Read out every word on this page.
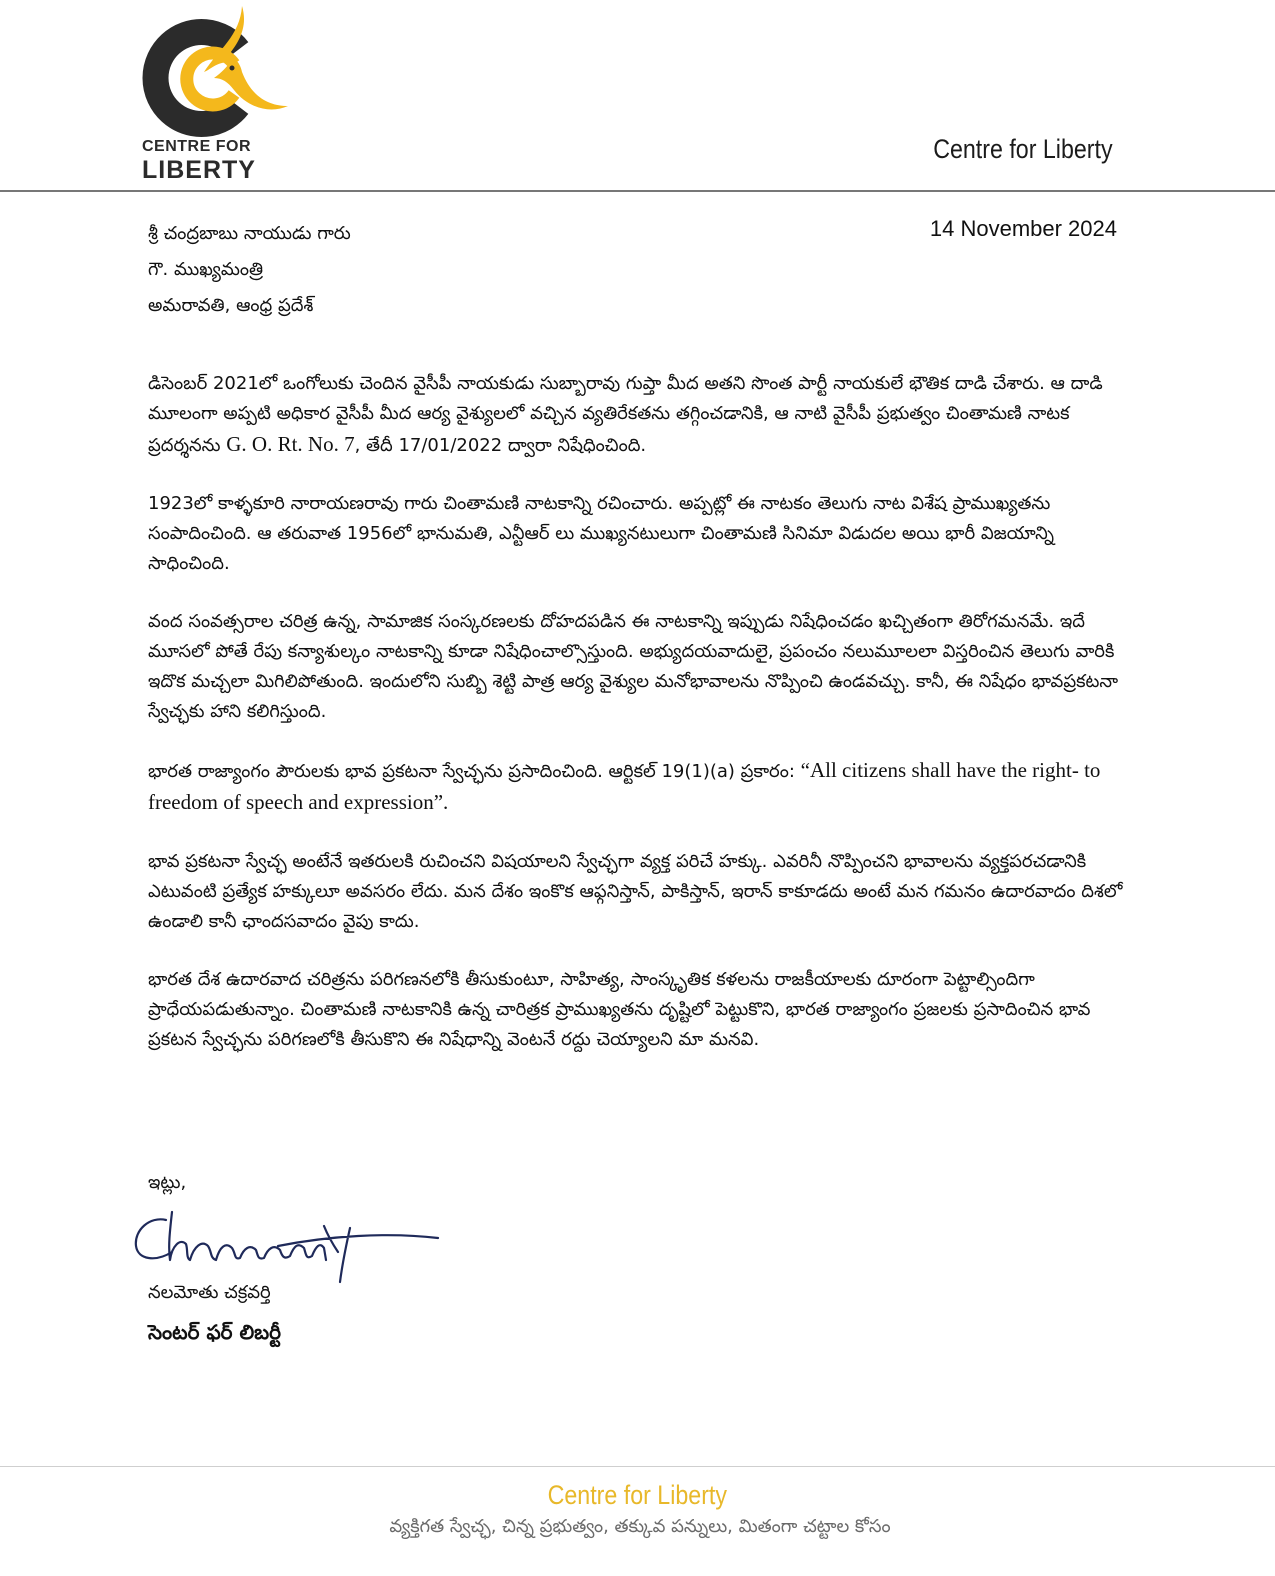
CENTRE FOR
LIBERTY
Centre for Liberty
శ్రీ చంద్రబాబు నాయుడు గారు
గౌ. ముఖ్యమంత్రి
అమరావతి, ఆంధ్ర ప్రదేశ్
14 November 2024

డిసెంబర్ 2021లో ఒంగోలుకు చెందిన వైసీపీ నాయకుడు సుబ్బారావు గుప్తా మీద అతని సొంత పార్టీ నాయకులే భౌతిక దాడి చేశారు. ఆ దాడి మూలంగా అప్పటి అధికార వైసీపీ మీద ఆర్య వైశ్యులలో వచ్చిన వ్యతిరేకతను తగ్గించడానికి, ఆ నాటి వైసీపీ ప్రభుత్వం చింతామణి నాటక ప్రదర్శనను G. O. Rt. No. 7, తేదీ 17/01/2022 ద్వారా నిషేధించింది.

1923లో కాళ్ళకూరి నారాయణరావు గారు చింతామణి నాటకాన్ని రచించారు. అప్పట్లో ఈ నాటకం తెలుగు నాట విశేష ప్రాముఖ్యతను సంపాదించింది. ఆ తరువాత 1956లో భానుమతి, ఎన్టీఆర్ లు ముఖ్యనటులుగా చింతామణి సినిమా విడుదల అయి భారీ విజయాన్ని సాధించింది.

వంద సంవత్సరాల చరిత్ర ఉన్న, సామాజిక సంస్కరణలకు దోహదపడిన ఈ నాటకాన్ని ఇప్పుడు నిషేధించడం ఖచ్చితంగా తిరోగమనమే. ఇదే మూసలో పోతే రేపు కన్యాశుల్కం నాటకాన్ని కూడా నిషేధించాల్సొస్తుంది. అభ్యుదయవాదులై, ప్రపంచం నలుమూలలా విస్తరించిన తెలుగు వారికి ఇదొక మచ్చలా మిగిలిపోతుంది. ఇందులోని సుబ్బి శెట్టి పాత్ర ఆర్య వైశ్యుల మనోభావాలను నొప్పించి ఉండవచ్చు. కానీ, ఈ నిషేధం భావప్రకటనా స్వేచ్ఛకు హాని కలిగిస్తుంది.

భారత రాజ్యాంగం పౌరులకు భావ ప్రకటనా స్వేచ్ఛను ప్రసాదించింది. ఆర్టికల్ 19(1)(a) ప్రకారం: “All citizens shall have the right- to freedom of speech and expression”.

భావ ప్రకటనా స్వేచ్ఛ అంటేనే ఇతరులకి రుచించని విషయాలని స్వేచ్ఛగా వ్యక్త పరిచే హక్కు. ఎవరినీ నొప్పించని భావాలను వ్యక్తపరచడానికి ఎటువంటి ప్రత్యేక హక్కులూ అవసరం లేదు. మన దేశం ఇంకొక ఆఫ్గనిస్తాన్, పాకిస్తాన్, ఇరాన్ కాకూడదు అంటే మన గమనం ఉదారవాదం దిశలో ఉండాలి కానీ ఛాందసవాదం వైపు కాదు.

భారత దేశ ఉదారవాద చరిత్రను పరిగణనలోకి తీసుకుంటూ, సాహిత్య, సాంస్కృతిక కళలను రాజకీయాలకు దూరంగా పెట్టాల్సిందిగా ప్రాధేయపడుతున్నాం. చింతామణి నాటకానికి ఉన్న చారిత్రక ప్రాముఖ్యతను దృష్టిలో పెట్టుకొని, భారత రాజ్యాంగం ప్రజలకు ప్రసాదించిన భావ ప్రకటన స్వేచ్ఛను పరిగణలోకి తీసుకొని ఈ నిషేధాన్ని వెంటనే రద్దు చెయ్యాలని మా మనవి.

ఇట్లు,
నలమోతు చక్రవర్తి
సెంటర్ ఫర్ లిబర్టీ
Centre for Liberty
వ్యక్తిగత స్వేచ్ఛ, చిన్న ప్రభుత్వం, తక్కువ పన్నులు, మితంగా చట్టాల కోసం
